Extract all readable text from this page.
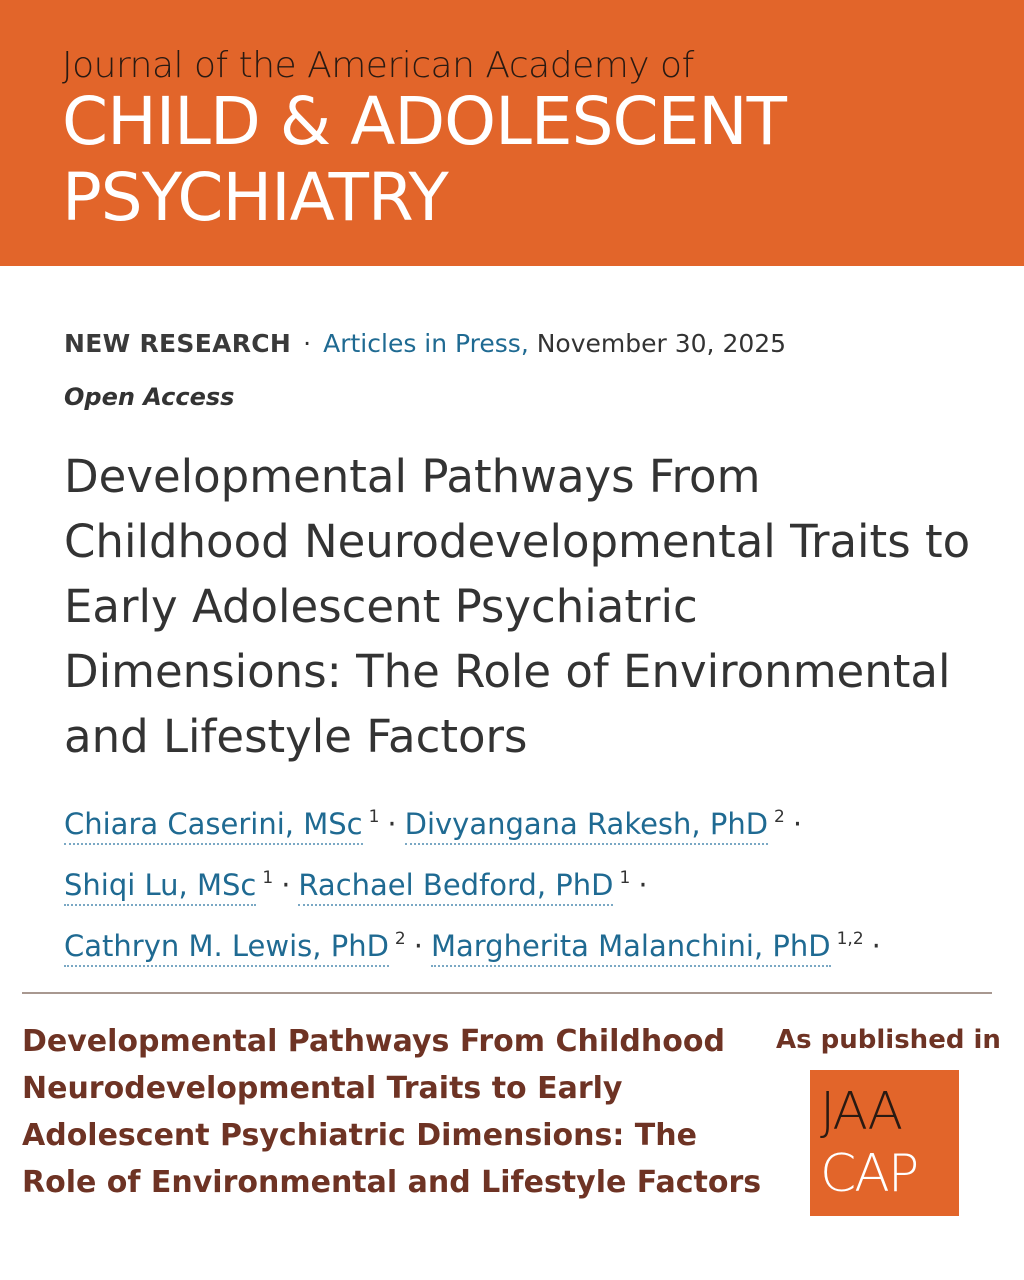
Journal of the American Academy of
CHILD & ADOLESCENT
PSYCHIATRY
NEW RESEARCH · Articles in Press, November 30, 2025
Open Access
Developmental Pathways From Childhood Neurodevelopmental Traits to Early Adolescent Psychiatric Dimensions: The Role of Environmental and Lifestyle Factors
Chiara Caserini, MSc $^1$ · Divyangana Rakesh, PhD $^2$ ·
Shiqi Lu, MSc $^1$ · Rachael Bedford, PhD $^1$ ·
Cathryn M. Lewis, PhD $^2$ · Margherita Malanchini, PhD $^{1,2}$ ·
Developmental Pathways From Childhood Neurodevelopmental Traits to Early Adolescent Psychiatric Dimensions: The Role of Environmental and Lifestyle Factors
As published in
JAA
CAP
